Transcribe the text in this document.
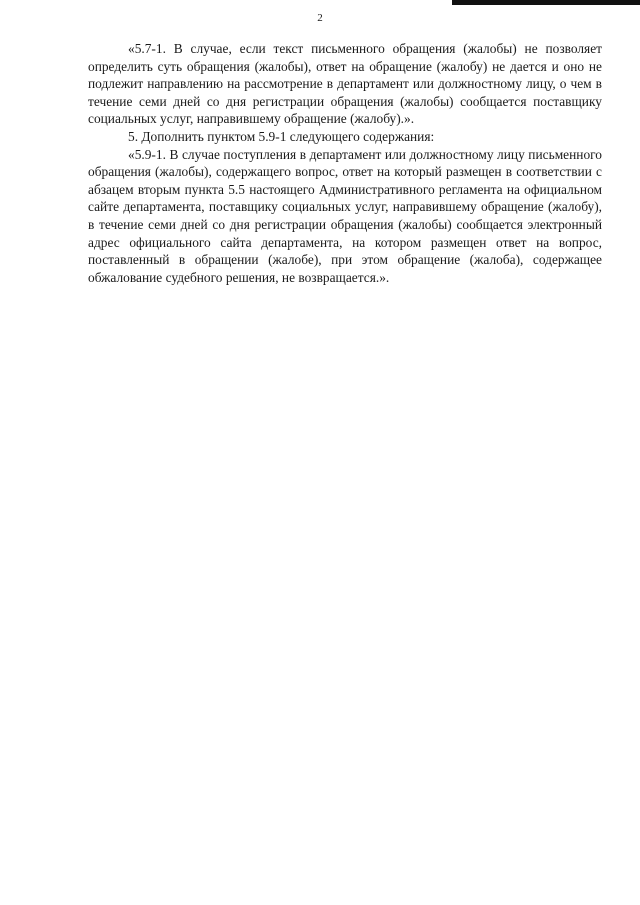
2

«5.7-1. В случае, если текст письменного обращения (жалобы) не позволяет определить суть обращения (жалобы), ответ на обращение (жалобу) не дается и оно не подлежит направлению на рассмотрение в департамент или должностному лицу, о чем в течение семи дней со дня регистрации обращения (жалобы) сообщается поставщику социальных услуг, направившему обращение (жалобу).».

5. Дополнить пунктом 5.9-1 следующего содержания:

«5.9-1. В случае поступления в департамент или должностному лицу письменного обращения (жалобы), содержащего вопрос, ответ на который размещен в соответствии с абзацем вторым пункта 5.5 настоящего Административного регламента на официальном сайте департамента, поставщику социальных услуг, направившему обращение (жалобу), в течение семи дней со дня регистрации обращения (жалобы) сообщается электронный адрес официального сайта департамента, на котором размещен ответ на вопрос, поставленный в обращении (жалобе), при этом обращение (жалоба), содержащее обжалование судебного решения, не возвращается.».
